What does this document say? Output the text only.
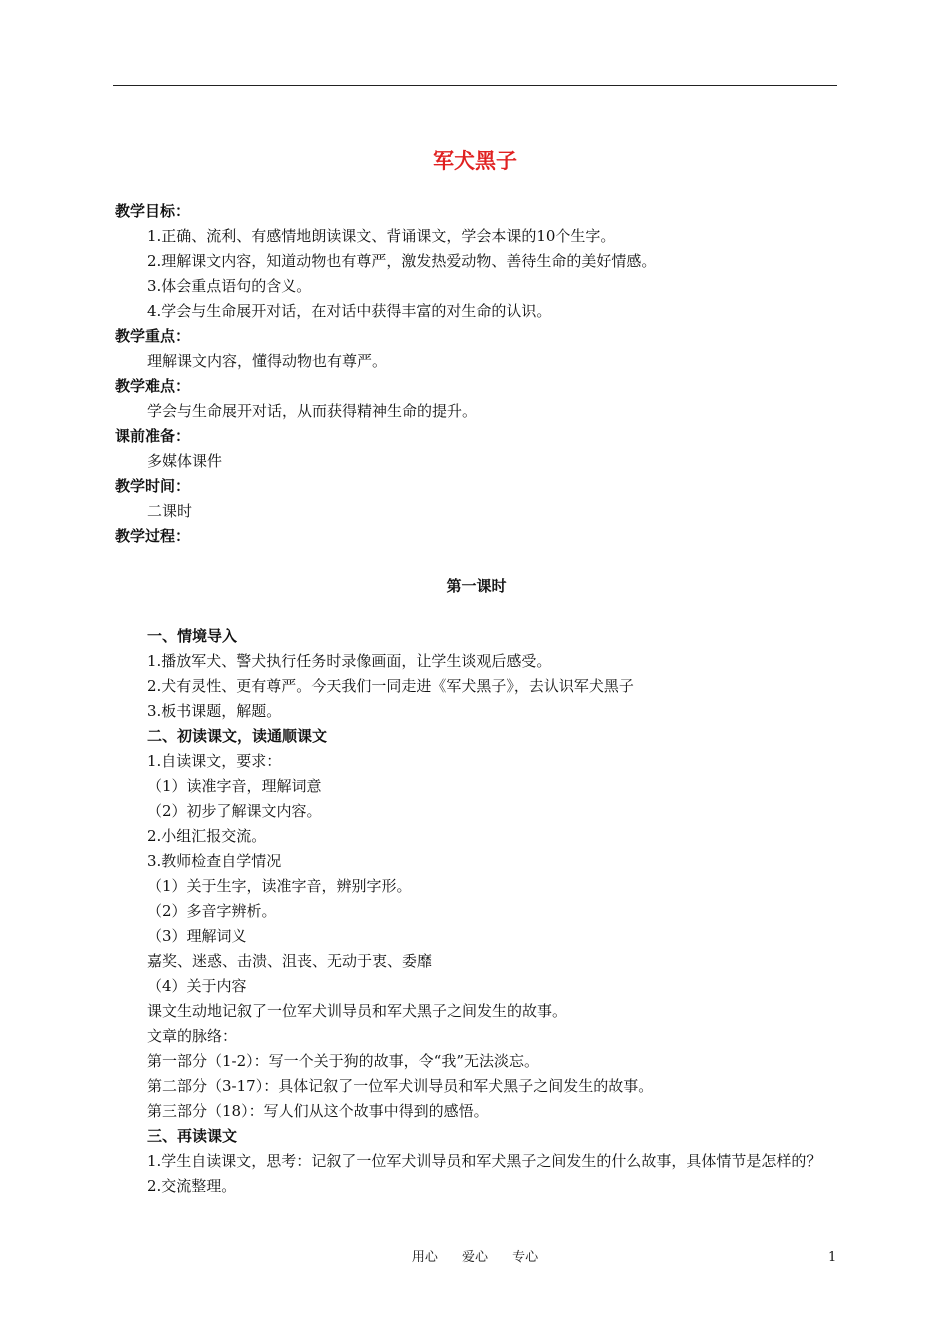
军犬黑子

教学目标：

1.正确、流利、有感情地朗读课文、背诵课文，学会本课的10个生字。

2.理解课文内容，知道动物也有尊严，激发热爱动物、善待生命的美好情感。

3.体会重点语句的含义。

4.学会与生命展开对话，在对话中获得丰富的对生命的认识。

教学重点：

理解课文内容，懂得动物也有尊严。

教学难点：

学会与生命展开对话，从而获得精神生命的提升。

课前准备：

多媒体课件

教学时间：

二课时

教学过程：

第一课时

一、情境导入

1.播放军犬、警犬执行任务时录像画面，让学生谈观后感受。

2.犬有灵性、更有尊严。今天我们一同走进《军犬黑子》，去认识军犬黑子

3.板书课题，解题。

二、初读课文，读通顺课文

1.自读课文，要求：

（1）读准字音，理解词意

（2）初步了解课文内容。

2.小组汇报交流。

3.教师检查自学情况

（1）关于生字，读准字音，辨别字形。

（2）多音字辨析。

（3）理解词义

嘉奖、迷惑、击溃、沮丧、无动于衷、委靡

（4）关于内容

课文生动地记叙了一位军犬训导员和军犬黑子之间发生的故事。

文章的脉络：

第一部分（1-2）：写一个关于狗的故事，令“我”无法淡忘。

第二部分（3-17）：具体记叙了一位军犬训导员和军犬黑子之间发生的故事。

第三部分（18）：写人们从这个故事中得到的感悟。

三、再读课文

1.学生自读课文，思考：记叙了一位军犬训导员和军犬黑子之间发生的什么故事，具体情节是怎样的？

2.交流整理。

用心 爱心 专心	1
